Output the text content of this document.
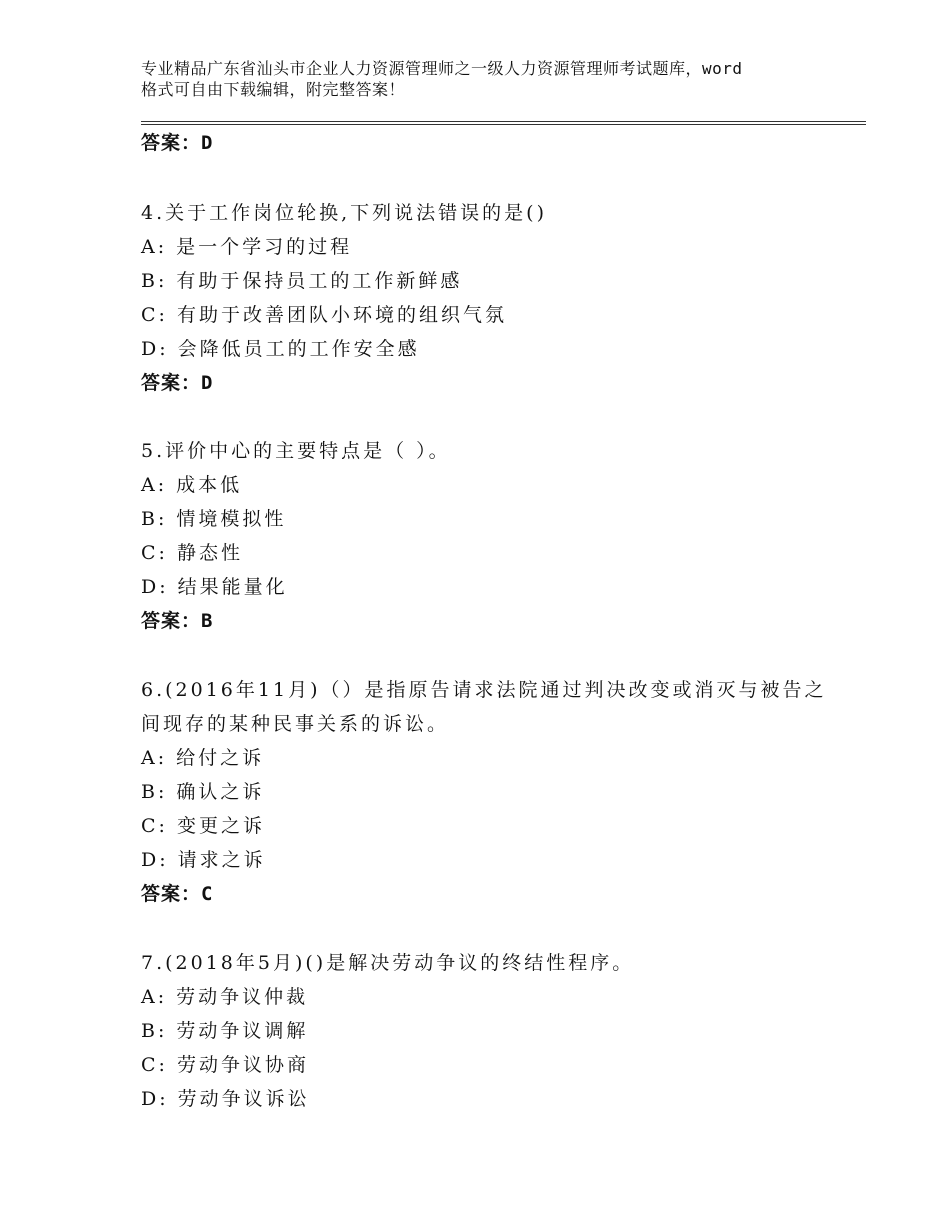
专业精品广东省汕头市企业人力资源管理师之一级人力资源管理师考试题库，word
格式可自由下载编辑，附完整答案！
答案：D
4.关于工作岗位轮换,下列说法错误的是()
A: 是一个学习的过程
B: 有助于保持员工的工作新鲜感
C: 有助于改善团队小环境的组织气氛
D: 会降低员工的工作安全感
答案：D
5.评价中心的主要特点是（ ）。
A: 成本低
B: 情境模拟性
C: 静态性
D: 结果能量化
答案：B
6.(2016年11月)（）是指原告请求法院通过判决改变或消灭与被告之
间现存的某种民事关系的诉讼。
A: 给付之诉
B: 确认之诉
C: 变更之诉
D: 请求之诉
答案：C
7.(2018年5月)()是解决劳动争议的终结性程序。
A: 劳动争议仲裁
B: 劳动争议调解
C: 劳动争议协商
D: 劳动争议诉讼
